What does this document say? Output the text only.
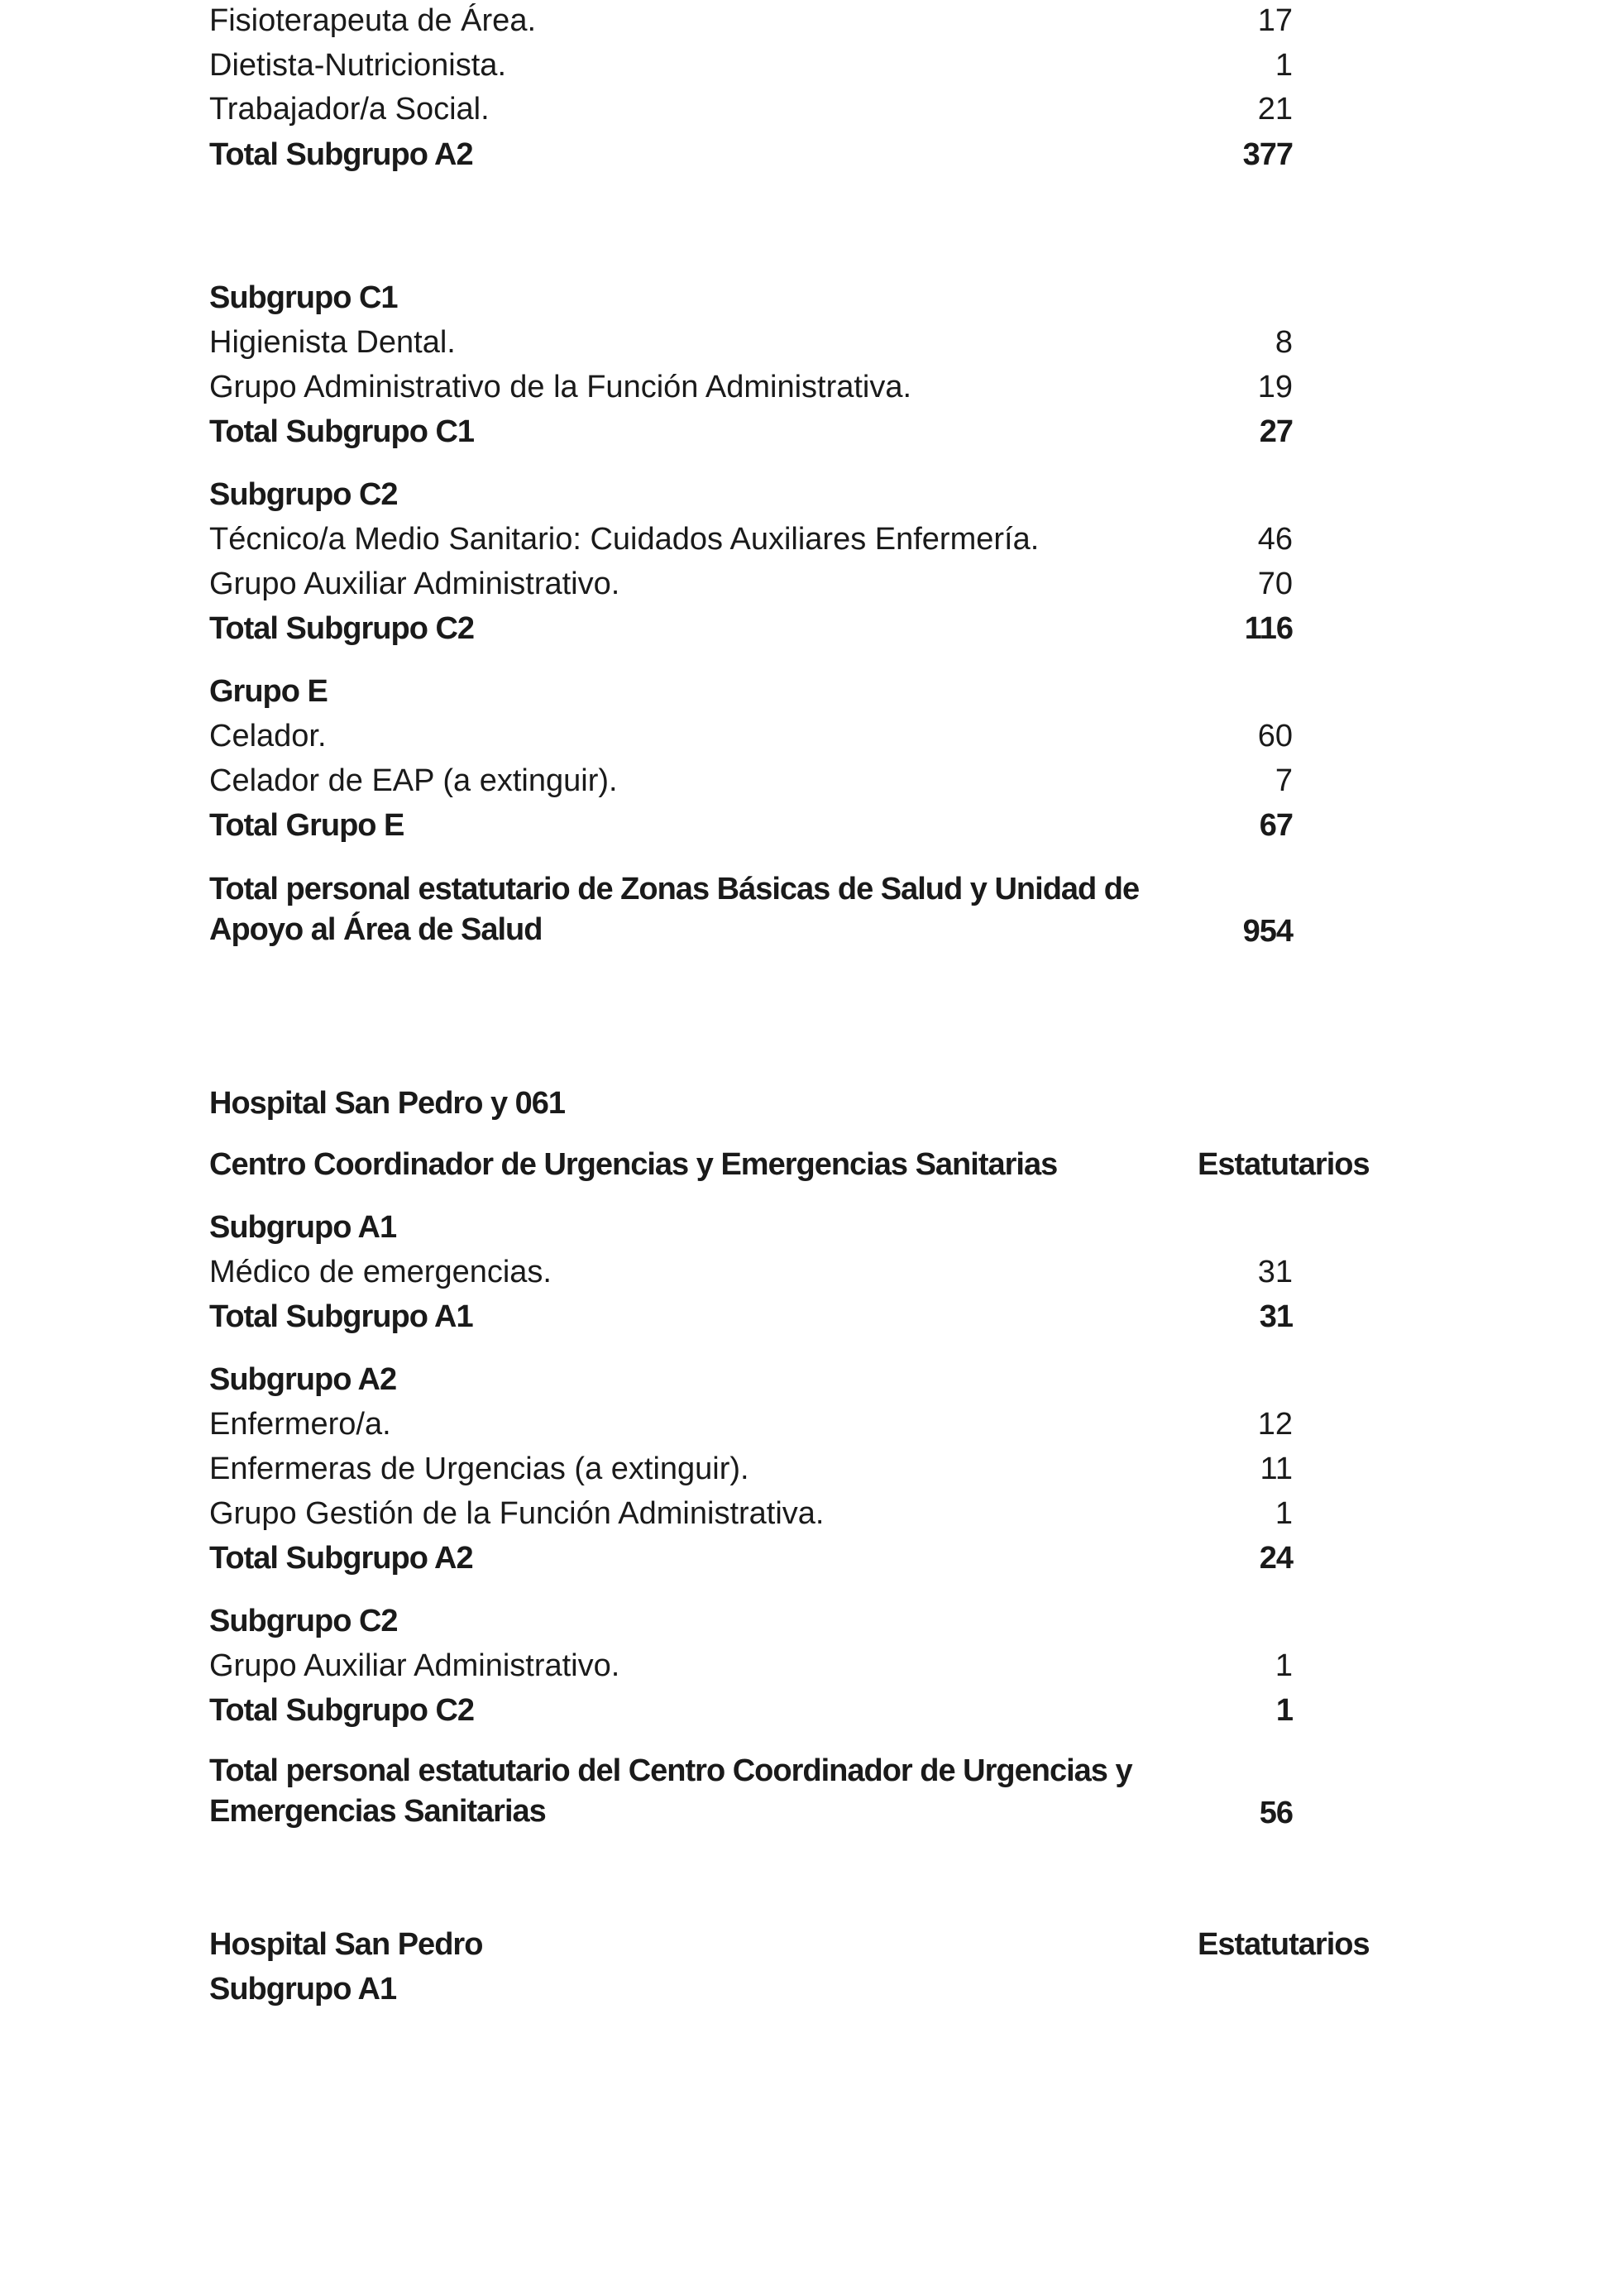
Fisioterapeuta de Área.	17
Dietista-Nutricionista.	1
Trabajador/a Social.	21
Total Subgrupo A2	377
Subgrupo C1
Higienista Dental.	8
Grupo Administrativo de la Función Administrativa.	19
Total Subgrupo C1	27
Subgrupo C2
Técnico/a Medio Sanitario: Cuidados Auxiliares Enfermería.	46
Grupo Auxiliar Administrativo.	70
Total Subgrupo C2	116
Grupo E
Celador.	60
Celador de EAP (a extinguir).	7
Total Grupo E	67
Total personal estatutario de Zonas Básicas de Salud y Unidad de Apoyo al Área de Salud	954
Hospital San Pedro y 061
Centro Coordinador de Urgencias y Emergencias Sanitarias	Estatutarios
Subgrupo A1
Médico de emergencias.	31
Total Subgrupo A1	31
Subgrupo A2
Enfermero/a.	12
Enfermeras de Urgencias (a extinguir).	11
Grupo Gestión de la Función Administrativa.	1
Total Subgrupo A2	24
Subgrupo C2
Grupo Auxiliar Administrativo.	1
Total Subgrupo C2	1
Total personal estatutario del Centro Coordinador de Urgencias y Emergencias Sanitarias	56
Hospital San Pedro	Estatutarios
Subgrupo A1
